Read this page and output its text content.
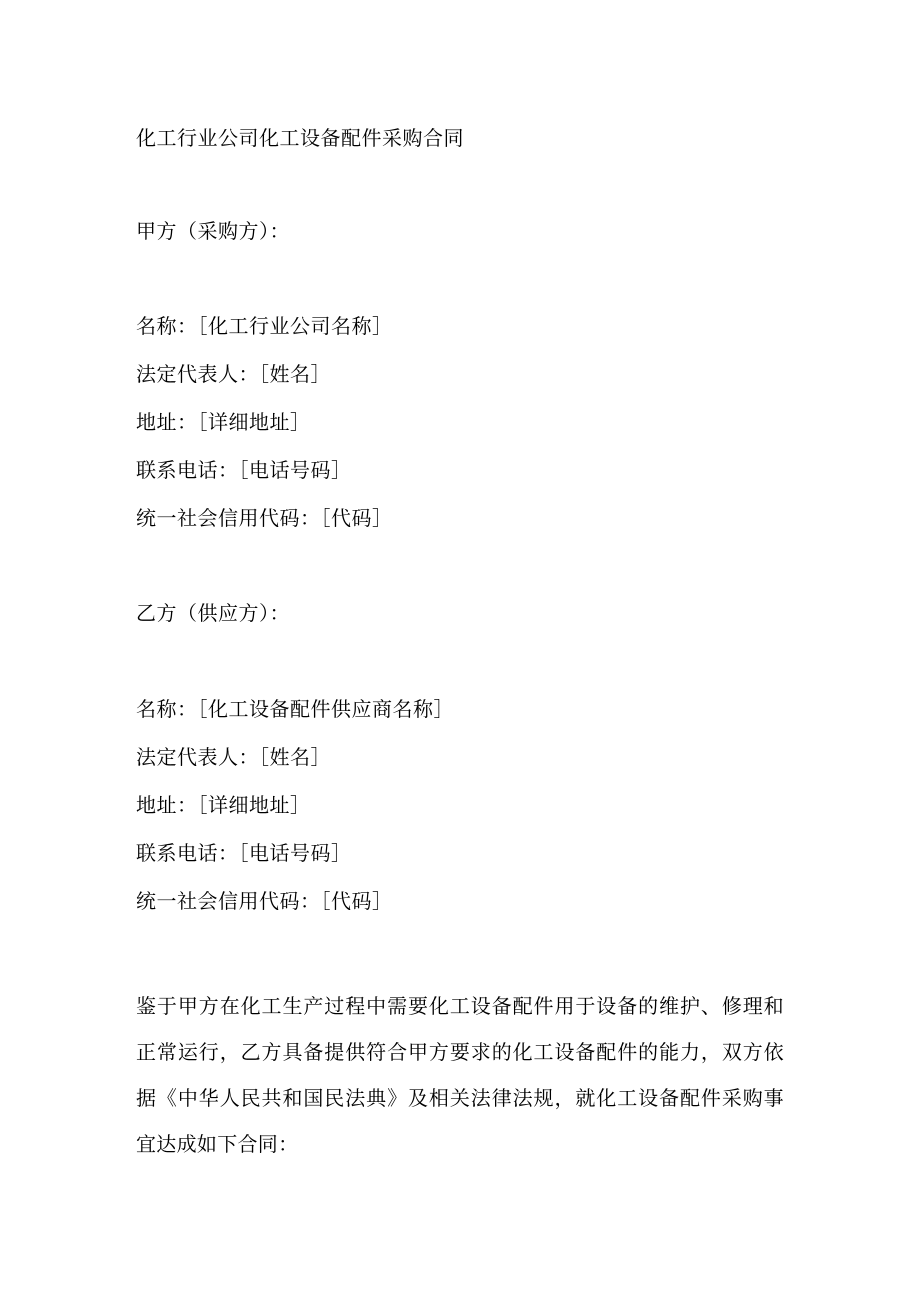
化工行业公司化工设备配件采购合同
甲方（采购方）：
名称：［化工行业公司名称］
法定代表人：［姓名］
地址：［详细地址］
联系电话：［电话号码］
统一社会信用代码：［代码］
乙方（供应方）：
名称：［化工设备配件供应商名称］
法定代表人：［姓名］
地址：［详细地址］
联系电话：［电话号码］
统一社会信用代码：［代码］
鉴于甲方在化工生产过程中需要化工设备配件用于设备的维护、修理和正常运行，乙方具备提供符合甲方要求的化工设备配件的能力，双方依据《中华人民共和国民法典》及相关法律法规，就化工设备配件采购事宜达成如下合同：
